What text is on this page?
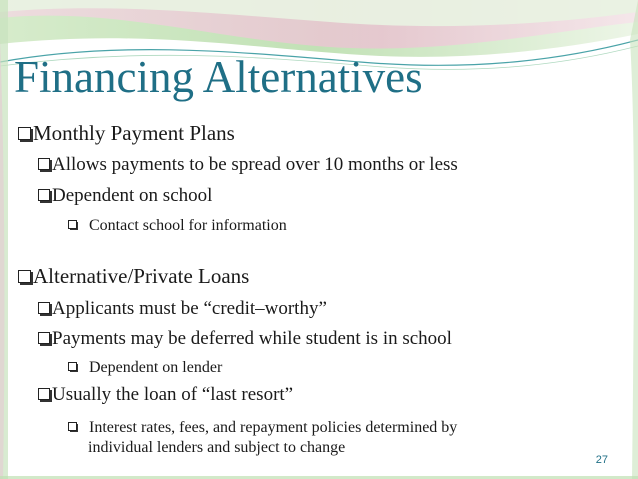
Financing Alternatives
Monthly Payment Plans
Allows payments to be spread over 10 months or less
Dependent on school
Contact school for information
Alternative/Private Loans
Applicants must be “credit–worthy”
Payments may be deferred while student is in school
Dependent on lender
Usually the loan of “last resort”
Interest rates, fees, and repayment policies determined by
individual lenders and subject to change
27
